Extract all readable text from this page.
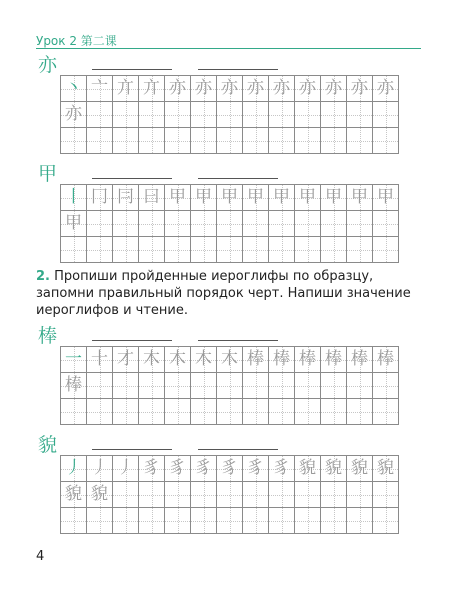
Урок 2 第二课
亦
丶 亠 亣 亣 亦 亦 亦 亦 亦 亦 亦 亦 亦
亦
甲
丨 冂 冃 曰 甲 甲 甲 甲 甲 甲 甲 甲 甲
甲
棒
一 十 才 木 木 木 木 棒 棒 棒 棒 棒 棒
棒
貌
丿 丿 丿 豸 豸 豸 豸 豸 豸 貌 貌 貌 貌
貌 貌
2. Пропиши пройденные иероглифы по образцу, запомни правильный порядок черт. Напиши значение иероглифов и чтение.
4
